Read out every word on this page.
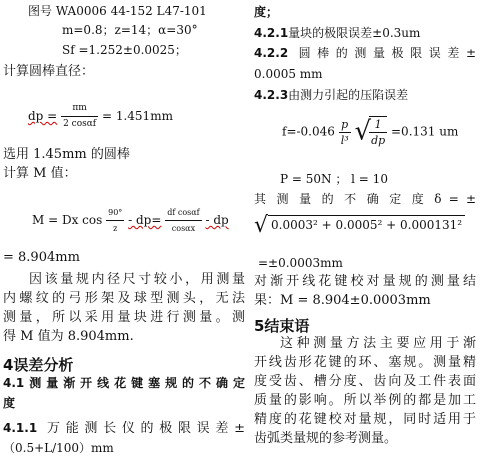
图号 WA0006 44-152 L47-101
m=0.8；z=14；α=30°
Sf =1.252±0.0025；
计算圆棒直径：
dp = $\frac{\pi m}{2 \cos\alpha f} = 1.451mm$
选用 1.45mm 的圆棒
计算 M 值：
M = Dx $\cos \frac{90^\circ}{z} - dp= \frac{\text{df cosαf}}{\cos\alpha x}$ - dp
= 8.904mm
因该量规内径尺寸较小，用测量
内螺纹的弓形架及球型测头，无法
测量，所以采用量块进行测量。测
得 M 值为 8.904mm.
4误差分析
4.1测量渐开线花键塞规的不确定
度
4.1.1 万能测长仪的极限误差±
（0.5+L/100）mm
度；
4.2.1量块的极限误差±0.3um
4.2.2 圆棒的测量极限误差±
0.0005 mm
4.2.3由测力引起的压陷误差
$f=-0.046 \frac{p}{\text{l³}}$ √
$\frac{1}{dp} =0.131$ um
P = 50N ； l = 10
其 测 量 的 不 确 定 度 δ = ±
√ 0.0003² + 0.0005² + 0.000131²
=±0.0003mm
对渐开线花键校对量规的测量结
果：M = 8.904±0.0003mm
5结束语
这种测量方法主要应用于渐
开线齿形花键的环、塞规。测量精
度受齿、槽分度、齿向及工件表面
质量的影响。所以举例的都是加工
精度的花键校对量规，同时适用于
齿弧类量规的参考测量。
